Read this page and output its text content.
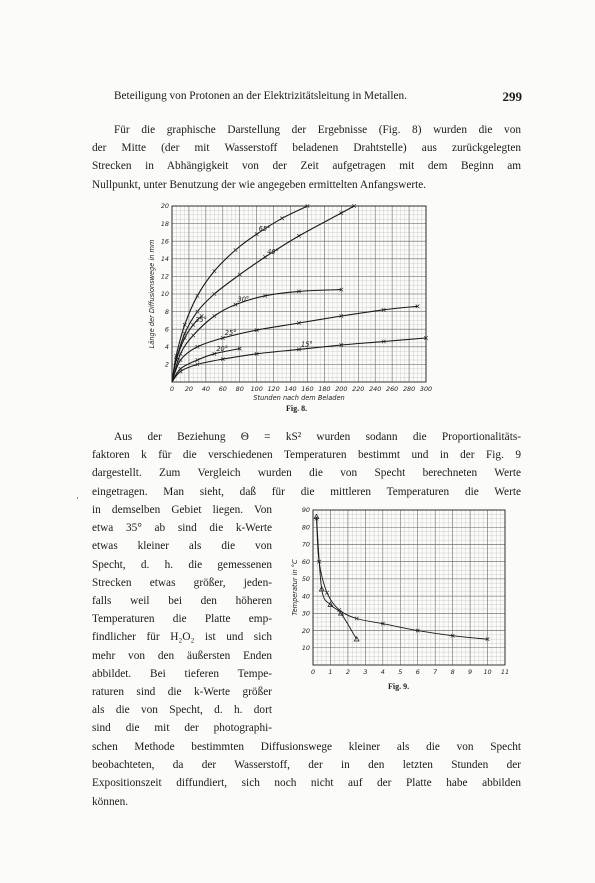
Beteiligung von Protonen an der Elektrizitätsleitung in Metallen.	299
Für die graphische Darstellung der Ergebnisse (Fig. 8) wurden die von
der Mitte (der mit Wasserstoff beladenen Drahtstelle) aus zurückgelegten
Strecken in Abhängigkeit von der Zeit aufgetragen mit dem Beginn am
Nullpunkt, unter Benutzung der wie angegeben ermittelten Anfangswerte.
0 20 40 60 80 100 120 140 160 180 200 220 240 260 280 300
2
4
6
8
10
12
14
16
18
20
65°
40°
30°
35°
25°
20°
15°
Stunden nach dem Beladen
Länge der Diffusionswege in mm
Fig. 8.
Aus der Beziehung Θ = kS² wurden sodann die Proportionalitäts-
faktoren k für die verschiedenen Temperaturen bestimmt und in der Fig. 9
dargestellt. Zum Vergleich wurden die von Specht berechneten Werte
eingetragen. Man sieht, daß für die mittleren Temperaturen die Werte
·
in demselben Gebiet liegen. Von
etwa 35° ab sind die k-Werte
etwas kleiner als die von
Specht, d. h. die gemessenen
Strecken etwas größer, jeden-
falls weil bei den höheren
Temperaturen die Platte emp-
findlicher für H₂O₂ ist und sich
mehr von den äußersten Enden
abbildet. Bei tieferen Tempe-
raturen sind die k-Werte größer
als die von Specht, d. h. dort
sind die mit der photographi-
0 1 2 3 4 5 6 7 8 9 10 11
10
20
30
40
50
60
70
80
90
Temperatur in °C
Fig. 9.
schen Methode bestimmten Diffusionswege kleiner als die von Specht
beobachteten, da der Wasserstoff, der in den letzten Stunden der
Expositionszeit diffundiert, sich noch nicht auf der Platte habe abbilden
können.
